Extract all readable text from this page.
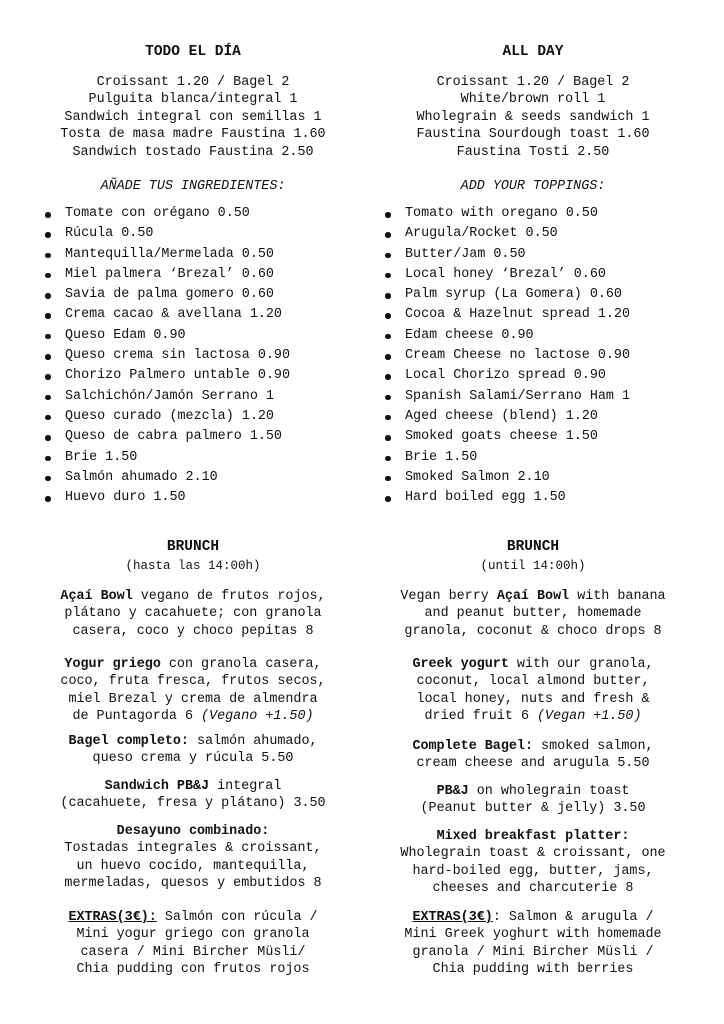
TODO EL DÍA
Croissant 1.20 / Bagel 2
Pulguita blanca/integral 1
Sandwich integral con semillas 1
Tosta de masa madre Faustina 1.60
Sandwich tostado Faustina 2.50
AÑADE TUS INGREDIENTES:
Tomate con orégano 0.50
Rúcula 0.50
Mantequilla/Mermelada 0.50
Miel palmera ‘Brezal’ 0.60
Savia de palma gomero 0.60
Crema cacao & avellana 1.20
Queso Edam 0.90
Queso crema sin lactosa 0.90
Chorizo Palmero untable 0.90
Salchichón/Jamón Serrano 1
Queso curado (mezcla) 1.20
Queso de cabra palmero 1.50
Brie 1.50
Salmón ahumado 2.10
Huevo duro 1.50
BRUNCH
(hasta las 14:00h)
Açaí Bowl vegano de frutos rojos,
plátano y cacahuete; con granola
casera, coco y choco pepitas 8
Yogur griego con granola casera,
coco, fruta fresca, frutos secos,
miel Brezal y crema de almendra
de Puntagorda 6 (Vegano +1.50)
Bagel completo: salmón ahumado,
queso crema y rúcula 5.50
Sandwich PB&J integral
(cacahuete, fresa y plátano) 3.50
Desayuno combinado:
Tostadas integrales & croissant,
un huevo cocido, mantequilla,
mermeladas, quesos y embutidos 8
EXTRAS(3€): Salmón con rúcula /
Mini yogur griego con granola
casera / Mini Bircher Müsli/
Chia pudding con frutos rojos
ALL DAY
Croissant 1.20 / Bagel 2
White/brown roll 1
Wholegrain & seeds sandwich 1
Faustina Sourdough toast 1.60
Faustina Tosti 2.50
ADD YOUR TOPPINGS:
Tomato with oregano 0.50
Arugula/Rocket 0.50
Butter/Jam 0.50
Local honey ‘Brezal’ 0.60
Palm syrup (La Gomera) 0.60
Cocoa & Hazelnut spread 1.20
Edam cheese 0.90
Cream Cheese no lactose 0.90
Local Chorizo spread 0.90
Spanish Salami/Serrano Ham 1
Aged cheese (blend) 1.20
Smoked goats cheese 1.50
Brie 1.50
Smoked Salmon 2.10
Hard boiled egg 1.50
BRUNCH
(until 14:00h)
Vegan berry Açaí Bowl with banana
and peanut butter, homemade
granola, coconut & choco drops 8
Greek yogurt with our granola,
coconut, local almond butter,
local honey, nuts and fresh &
dried fruit 6 (Vegan +1.50)
Complete Bagel: smoked salmon,
cream cheese and arugula 5.50
PB&J on wholegrain toast
(Peanut butter & jelly) 3.50
Mixed breakfast platter:
Wholegrain toast & croissant, one
hard-boiled egg, butter, jams,
cheeses and charcuterie 8
EXTRAS(3€): Salmon & arugula /
Mini Greek yoghurt with homemade
granola / Mini Bircher Müsli /
Chia pudding with berries
